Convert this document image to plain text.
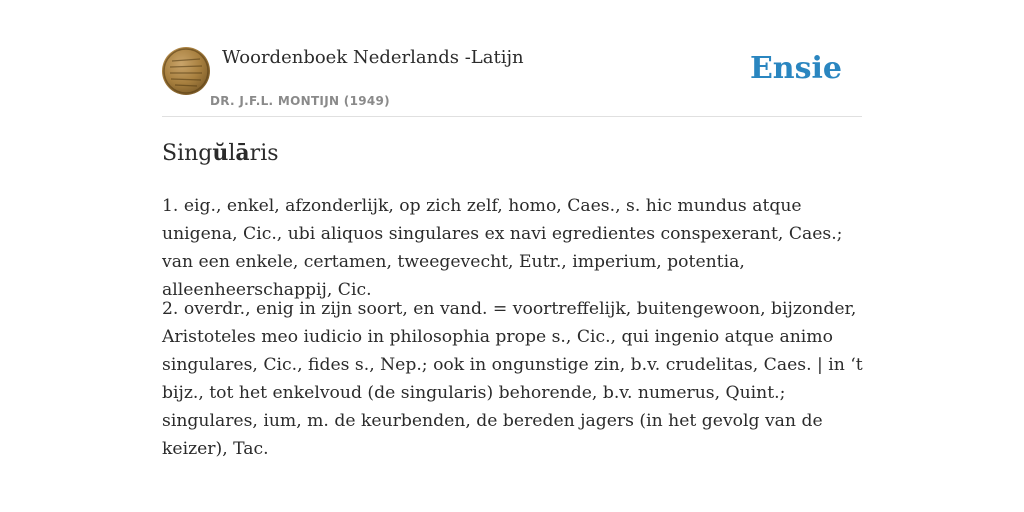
Woordenboek Nederlands -Latijn
DR. J.F.L. MONTIJN (1949)
Ensie
Singŭlāris

1. eig., enkel, afzonderlijk, op zich zelf, homo, Caes., s. hic mundus atque unigena, Cic., ubi aliquos singulares ex navi egredientes conspexerant, Caes.; van een enkele, certamen, tweegevecht, Eutr., imperium, potentia, alleenheerschappij, Cic.

2. overdr., enig in zijn soort, en vand. = voortreffelijk, buitengewoon, bijzonder, Aristoteles meo iudicio in philosophia prope s., Cic., qui ingenio atque animo singulares, Cic., fides s., Nep.; ook in ongunstige zin, b.v. crudelitas, Caes. | in ‘t bijz., tot het enkelvoud (de singularis) behorende, b.v. numerus, Quint.; singulares, ium, m. de keurbenden, de bereden jagers (in het gevolg van de keizer), Tac.
